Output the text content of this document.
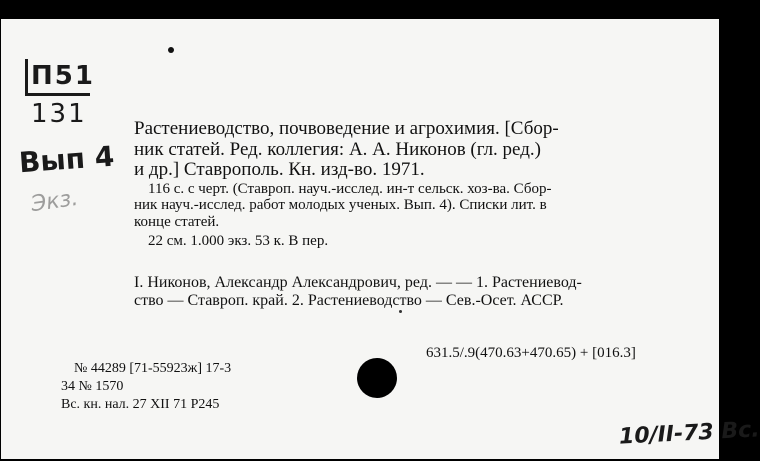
П51
131
Вып 4
Экз.
Растениеводство, почвоведение и агрохимия. [Сбор-
ник статей. Ред. коллегия: А. А. Никонов (гл. ред.)
и др.] Ставрополь. Кн. изд-во. 1971.
116 с. с черт. (Ставроп. науч.-исслед. ин-т сельск. хоз-ва. Сбор-
ник науч.-исслед. работ молодых ученых. Вып. 4). Списки лит. в
конце статей.
22 см. 1.000 экз. 53 к. В пер.
I. Никонов, Александр Александрович, ред. — — 1. Растениевод-
ство — Ставроп. край. 2. Растениеводство — Сев.-Осет. АССР.
631.5/.9(470.63+470.65) + [016.3]
№ 44289 [71-55923ж] 17-3
34 № 1570
Вс. кн. нал. 27 XII 71 Р245
10/II-73 Вс.
